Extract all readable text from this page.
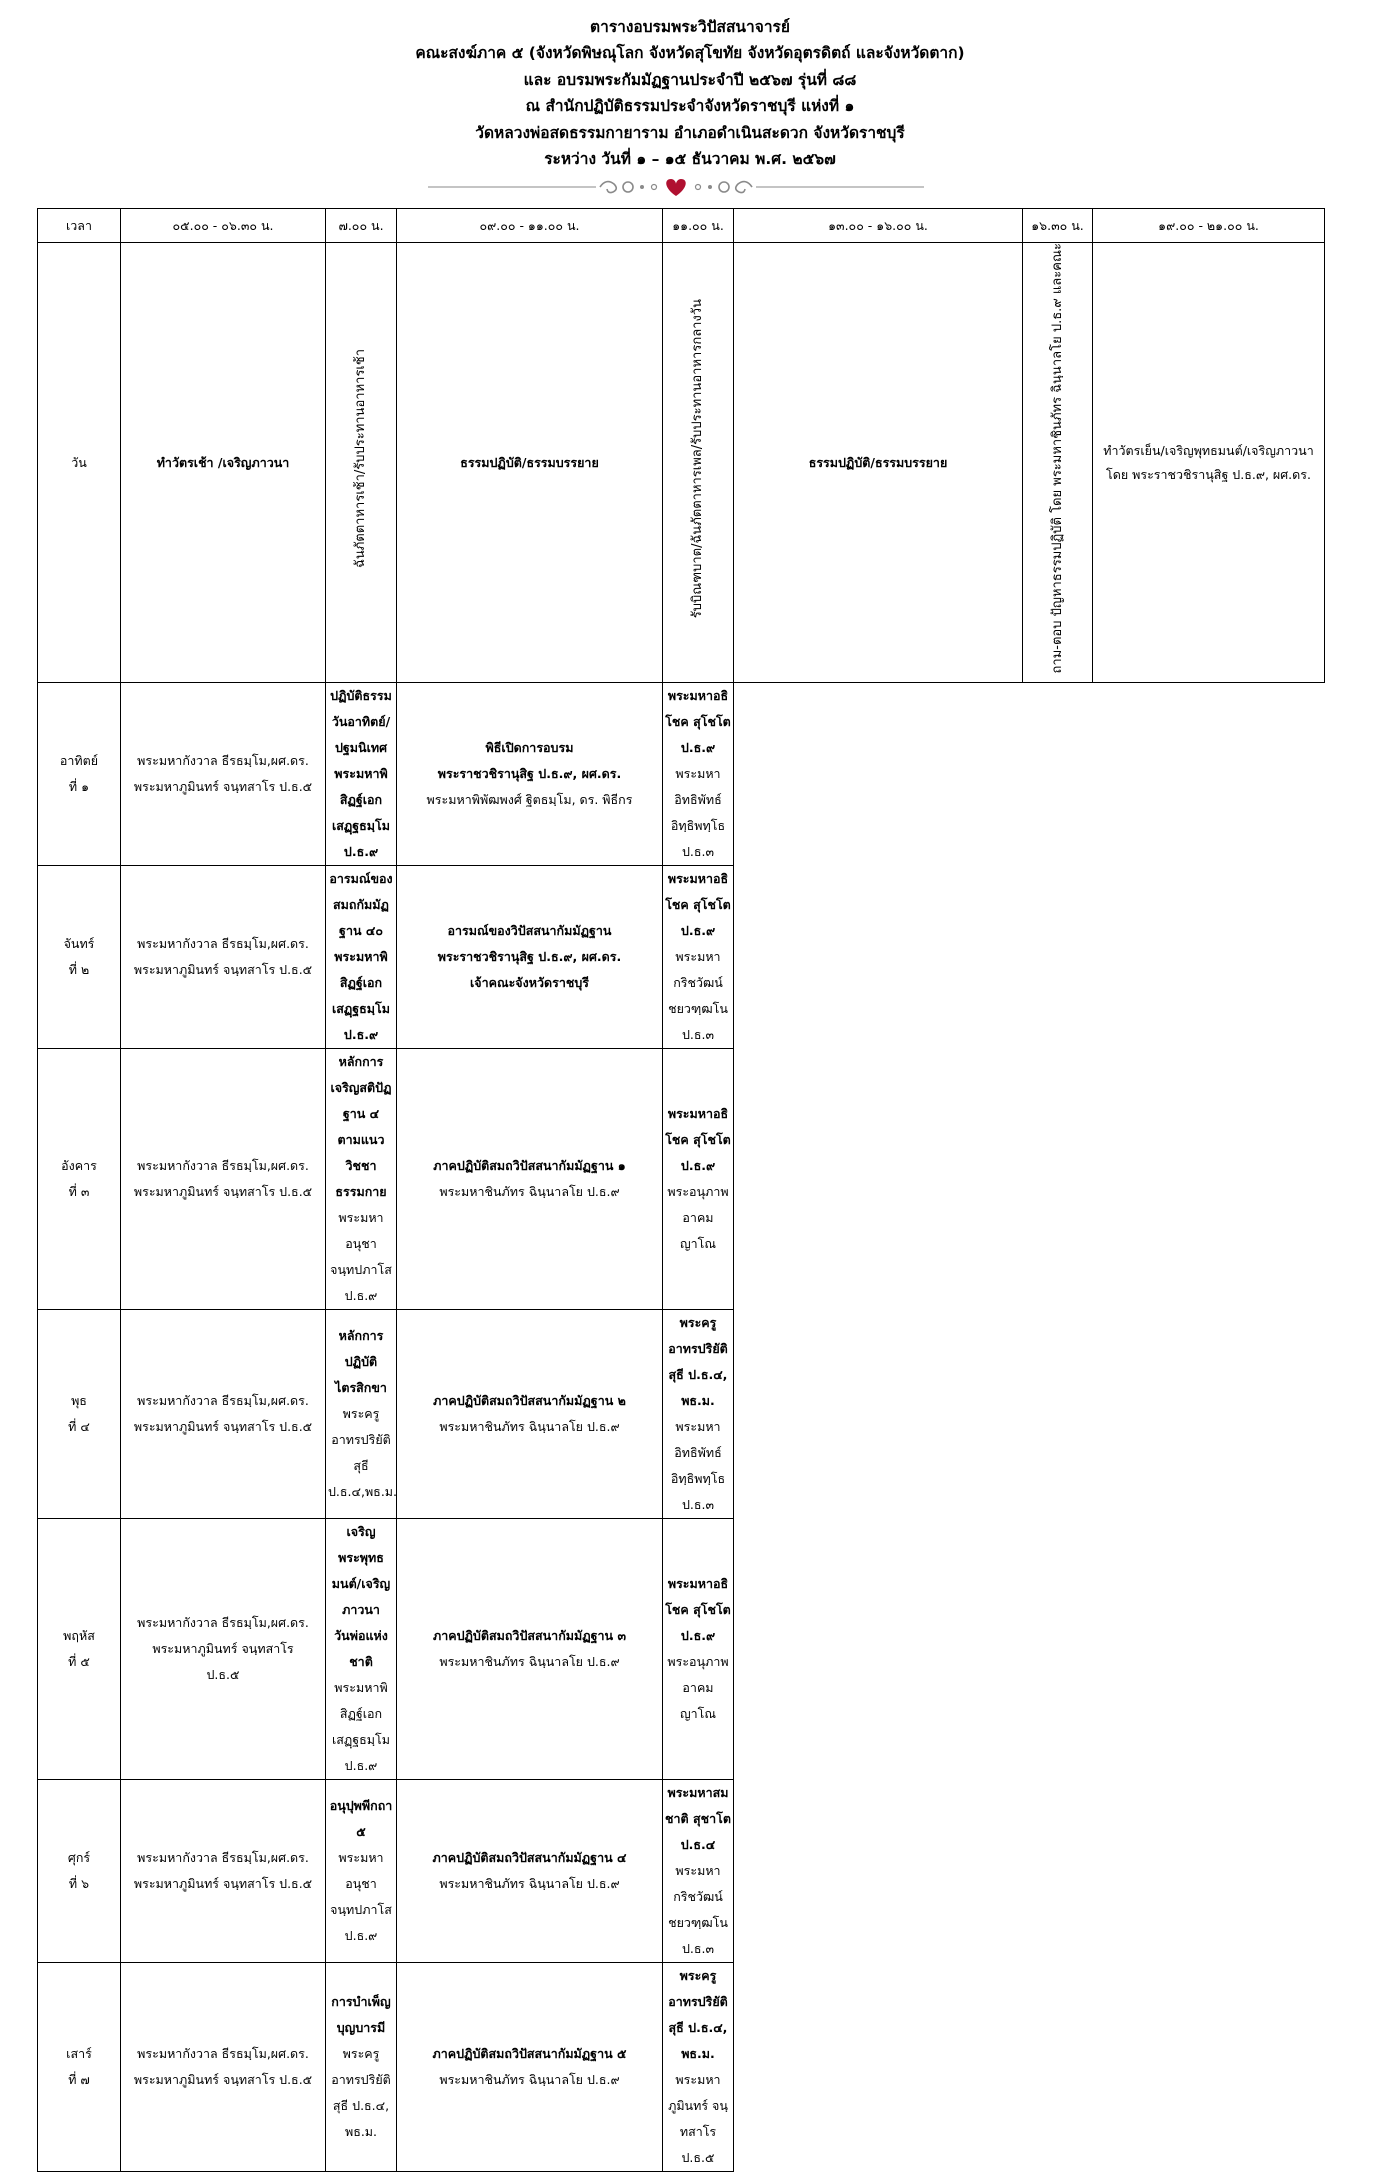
ตารางอบรมพระวิปัสสนาจารย์
คณะสงฆ์ภาค ๕ (จังหวัดพิษณุโลก จังหวัดสุโขทัย จังหวัดอุตรดิตถ์ และจังหวัดตาก)
และ อบรมพระกัมมัฏฐานประจำปี ๒๕๖๗ รุ่นที่ ๘๘
ณ สำนักปฏิบัติธรรมประจำจังหวัดราชบุรี แห่งที่ ๑
วัดหลวงพ่อสดธรรมกายาราม อำเภอดำเนินสะดวก จังหวัดราชบุรี
ระหว่าง วันที่ ๑ – ๑๕ ธันวาคม พ.ศ. ๒๕๖๗
เวลา	๐๕.๐๐ - ๐๖.๓๐ น.	๗.๐๐ น.	๐๙.๐๐ - ๑๑.๐๐ น.	๑๑.๐๐ น.	๑๓.๐๐ - ๑๖.๐๐ น.	๑๖.๓๐ น.	๑๙.๐๐ - ๒๑.๐๐ น.
วัน	ทำวัตรเช้า /เจริญภาวนา	ฉันภัตตาหารเช้า/รับประทานอาหารเช้า	ธรรมปฏิบัติ/ธรรมบรรยาย	รับบิณฑบาต/ฉันภัตตาหารเพล/รับประทานอาหารกลางวัน	ธรรมปฏิบัติ/ธรรมบรรยาย	ถาม-ตอบ ปัญหาธรรมปฏิบัติ โดย พระมหาชินภัทร ฉินฺนาลโย ป.ธ.๙ และคณะ	ทำวัตรเย็น/เจริญพุทธมนต์/เจริญภาวนา
โดย พระราชวชิรานุสิฐ ป.ธ.๙, ผศ.ดร.

อาทิตย์
ที่ ๑	พระมหากังวาล ธีรธมฺโม,ผศ.ดร.
พระมหาภูมินทร์ จนฺทสาโร ป.ธ.๕	ปฏิบัติธรรมวันอาทิตย์/ปฐมนิเทศ
พระมหาพิสิฏฐ์เอก เสฏฺฐธมฺโม ป.ธ.๙	พิธีเปิดการอบรม
พระราชวชิรานุสิฐ ป.ธ.๙, ผศ.ดร.
พระมหาพิพัฒพงศ์ ฐิตธมฺโม, ดร. พิธีกร	พระมหาอธิโชค สุโชโต ป.ธ.๙
พระมหาอิทธิพัทธ์ อิทฺธิพทฺโธ ป.ธ.๓			

จันทร์
ที่ ๒	พระมหากังวาล ธีรธมฺโม,ผศ.ดร.
พระมหาภูมินทร์ จนฺทสาโร ป.ธ.๕	อารมณ์ของสมถกัมมัฏฐาน ๔๐
พระมหาพิสิฏฐ์เอก เสฏฺฐธมฺโม ป.ธ.๙	อารมณ์ของวิปัสสนากัมมัฏฐาน
พระราชวชิรานุสิฐ ป.ธ.๙, ผศ.ดร.
เจ้าคณะจังหวัดราชบุรี	พระมหาอธิโชค สุโชโต ป.ธ.๙
พระมหากริชวัฒน์ ชยวฑฺฒโน ป.ธ.๓			

อังคาร
ที่ ๓	พระมหากังวาล ธีรธมฺโม,ผศ.ดร.
พระมหาภูมินทร์ จนฺทสาโร ป.ธ.๕	หลักการเจริญสติปัฏฐาน ๔
ตามแนววิชชาธรรมกาย
พระมหาอนุชา จนฺทปภาโส ป.ธ.๙	ภาคปฏิบัติสมถวิปัสสนากัมมัฏฐาน ๑
พระมหาชินภัทร ฉินฺนาลโย ป.ธ.๙	พระมหาอธิโชค สุโชโต ป.ธ.๙
พระอนุภาพ อาคมญาโณ			

พุธ
ที่ ๔	พระมหากังวาล ธีรธมฺโม,ผศ.ดร.
พระมหาภูมินทร์ จนฺทสาโร ป.ธ.๕	หลักการปฏิบัติไตรสิกขา
พระครูอาทรปริยัติสุธี ป.ธ.๔,พธ.ม.	ภาคปฏิบัติสมถวิปัสสนากัมมัฏฐาน ๒
พระมหาชินภัทร ฉินฺนาลโย ป.ธ.๙	พระครูอาทรปริยัติสุธี ป.ธ.๔, พธ.ม.
พระมหาอิทธิพัทธ์ อิทฺธิพทฺโธ ป.ธ.๓			

พฤหัส
ที่ ๕	พระมหากังวาล ธีรธมฺโม,ผศ.ดร.
พระมหาภูมินทร์ จนฺทสาโร
ป.ธ.๕	เจริญพระพุทธมนต์/เจริญภาวนา
วันพ่อแห่งชาติ
พระมหาพิสิฏฐ์เอก เสฏฺฐธมฺโม ป.ธ.๙	ภาคปฏิบัติสมถวิปัสสนากัมมัฏฐาน ๓
พระมหาชินภัทร ฉินฺนาลโย ป.ธ.๙	พระมหาอธิโชค สุโชโต ป.ธ.๙
พระอนุภาพ อาคมญาโณ			

ศุกร์
ที่ ๖	พระมหากังวาล ธีรธมฺโม,ผศ.ดร.
พระมหาภูมินทร์ จนฺทสาโร ป.ธ.๕	อนุปุพพีกถา ๕
พระมหาอนุชา จนฺทปภาโส ป.ธ.๙	ภาคปฏิบัติสมถวิปัสสนากัมมัฏฐาน ๔
พระมหาชินภัทร ฉินฺนาลโย ป.ธ.๙	พระมหาสมชาติ สุชาโต ป.ธ.๔
พระมหากริชวัฒน์ ชยวฑฺฒโน ป.ธ.๓			

เสาร์
ที่ ๗	พระมหากังวาล ธีรธมฺโม,ผศ.ดร.
พระมหาภูมินทร์ จนฺทสาโร ป.ธ.๕	การบำเพ็ญบุญบารมี
พระครูอาทรปริยัติสุธี ป.ธ.๔, พธ.ม.	ภาคปฏิบัติสมถวิปัสสนากัมมัฏฐาน ๕
พระมหาชินภัทร ฉินฺนาลโย ป.ธ.๙	พระครูอาทรปริยัติสุธี ป.ธ.๔, พธ.ม.
พระมหาภูมินทร์ จนฺทสาโร ป.ธ.๕			
